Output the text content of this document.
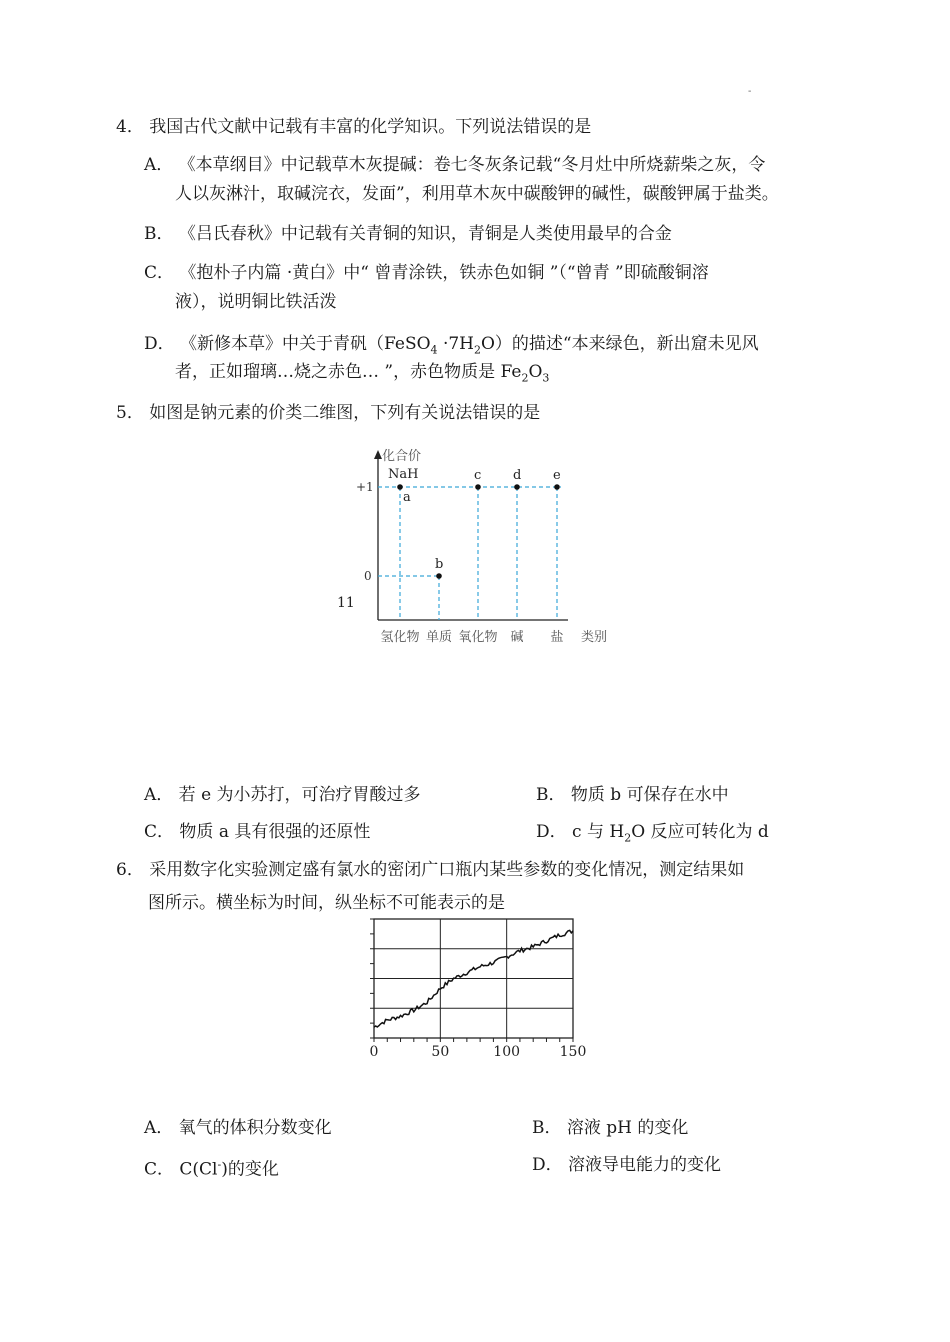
-
4． 我国古代文献中记载有丰富的化学知识。下列说法错误的是
A． 《本草纲目》中记载草木灰提碱：卷七冬灰条记载“冬月灶中所烧薪柴之灰，令
人以灰淋汁，取碱浣衣，发面”，利用草木灰中碳酸钾的碱性，碳酸钾属于盐类。
B． 《吕氏春秋》中记载有关青铜的知识，青铜是人类使用最早的合金
C． 《抱朴子内篇 ·黄白》中“ 曾青涂铁，铁赤色如铜 ”（“曾青 ”即硫酸铜溶
液），说明铜比铁活泼
D． 《新修本草》中关于青矾（FeSO$_4$ $\cdot 7H_2O$）的描述“本来绿色，新出窟未见风
者，正如瑠璃…烧之赤色… ”，赤色物质是 $Fe_2O_3$
5． 如图是钠元素的价类二维图，下列有关说法错误的是
化合价
类别
+1
0
11
氢化物 单质 氧化物 碱 盐
NaH
a
b
c d e
A． 若 e 为小苏打，可治疗胃酸过多	B． 物质 b 可保存在水中
C． 物质 a 具有很强的还原性	D． c 与 $H_2O$ 反应可转化为 d
6． 采用数字化实验测定盛有氯水的密闭广口瓶内某些参数的变化情况，测定结果如
图所示。横坐标为时间，纵坐标不可能表示的是
0	50	100	150
A． 氧气的体积分数变化	B． 溶液 pH 的变化
C． C(Cl-)的变化	D． 溶液导电能力的变化
